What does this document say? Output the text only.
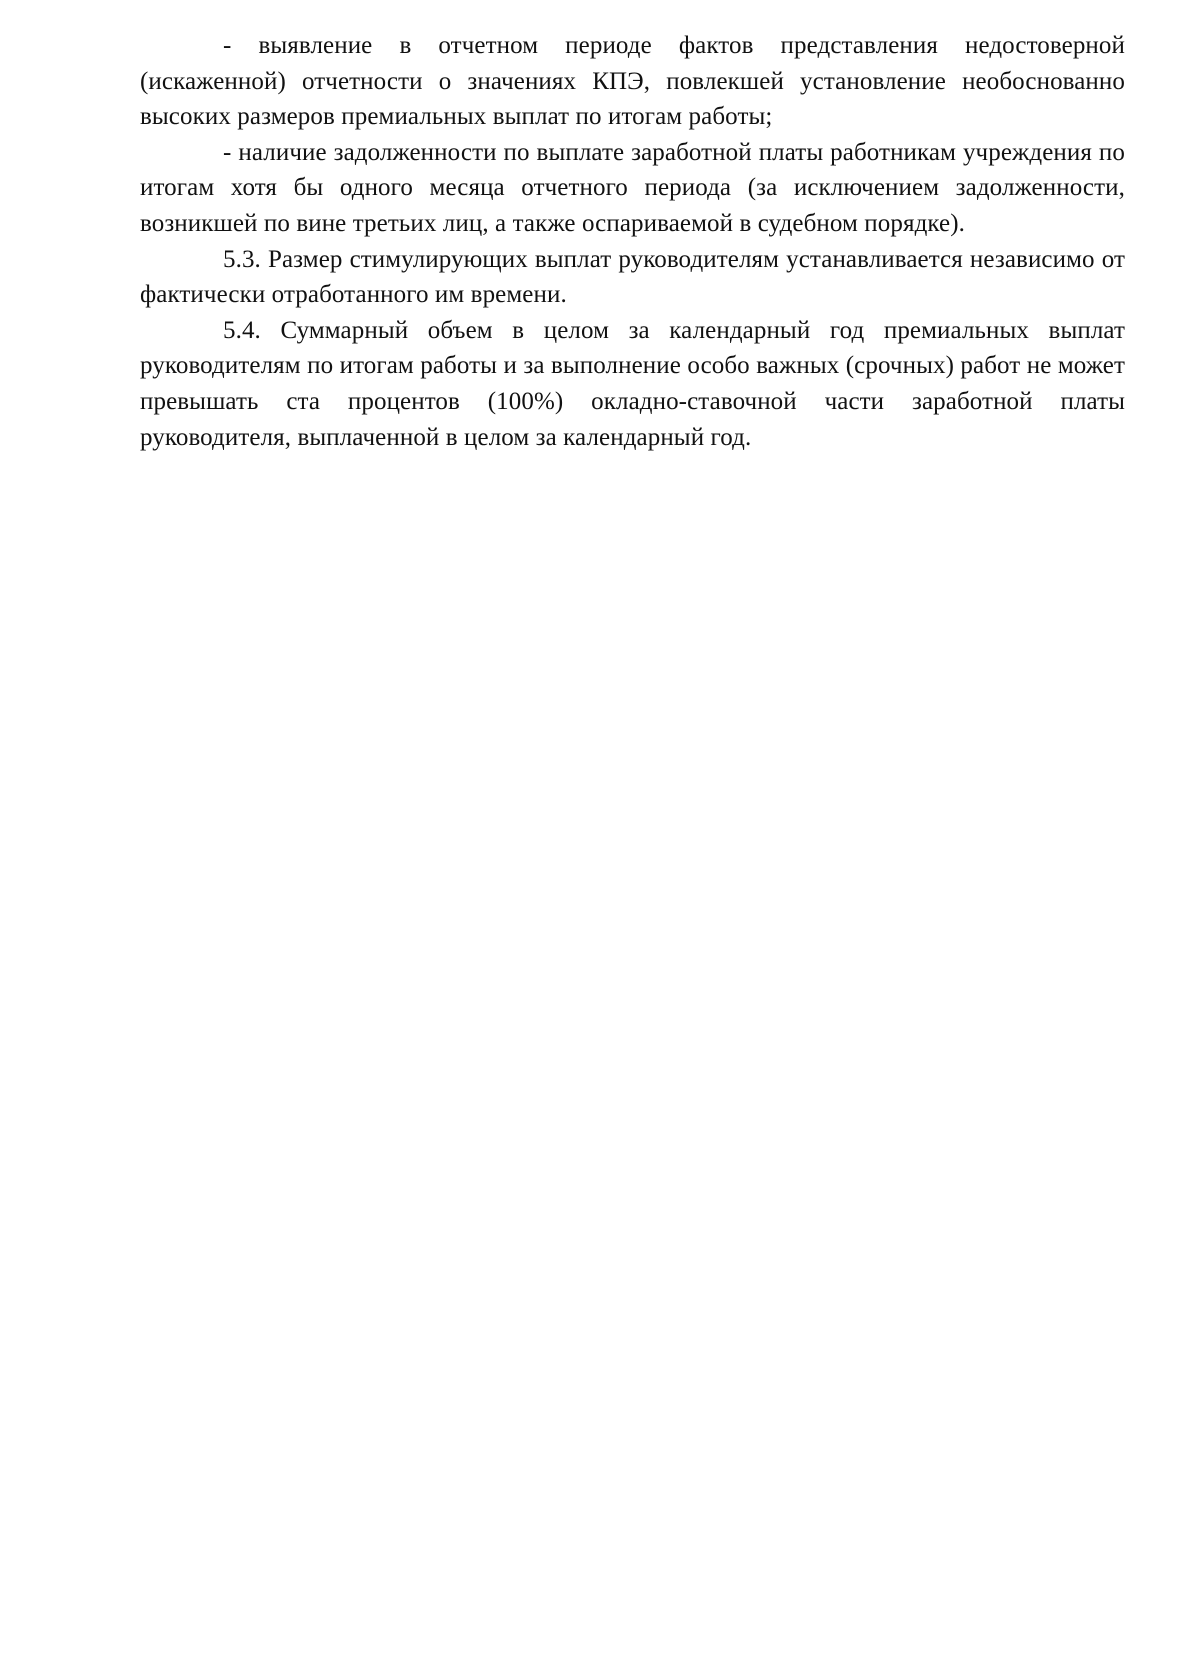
- выявление в отчетном периоде фактов представления недостоверной (искаженной) отчетности о значениях КПЭ, повлекшей установление необоснованно высоких размеров премиальных выплат по итогам работы;

- наличие задолженности по выплате заработной платы работникам учреждения по итогам хотя бы одного месяца отчетного периода (за исключением задолженности, возникшей по вине третьих лиц, а также оспариваемой в судебном порядке).

5.3. Размер стимулирующих выплат руководителям устанавливается независимо от фактически отработанного им времени.

5.4. Суммарный объем в целом за календарный год премиальных выплат руководителям по итогам работы и за выполнение особо важных (срочных) работ не может превышать ста процентов (100%) окладно-ставочной части заработной платы руководителя, выплаченной в целом за календарный год.
